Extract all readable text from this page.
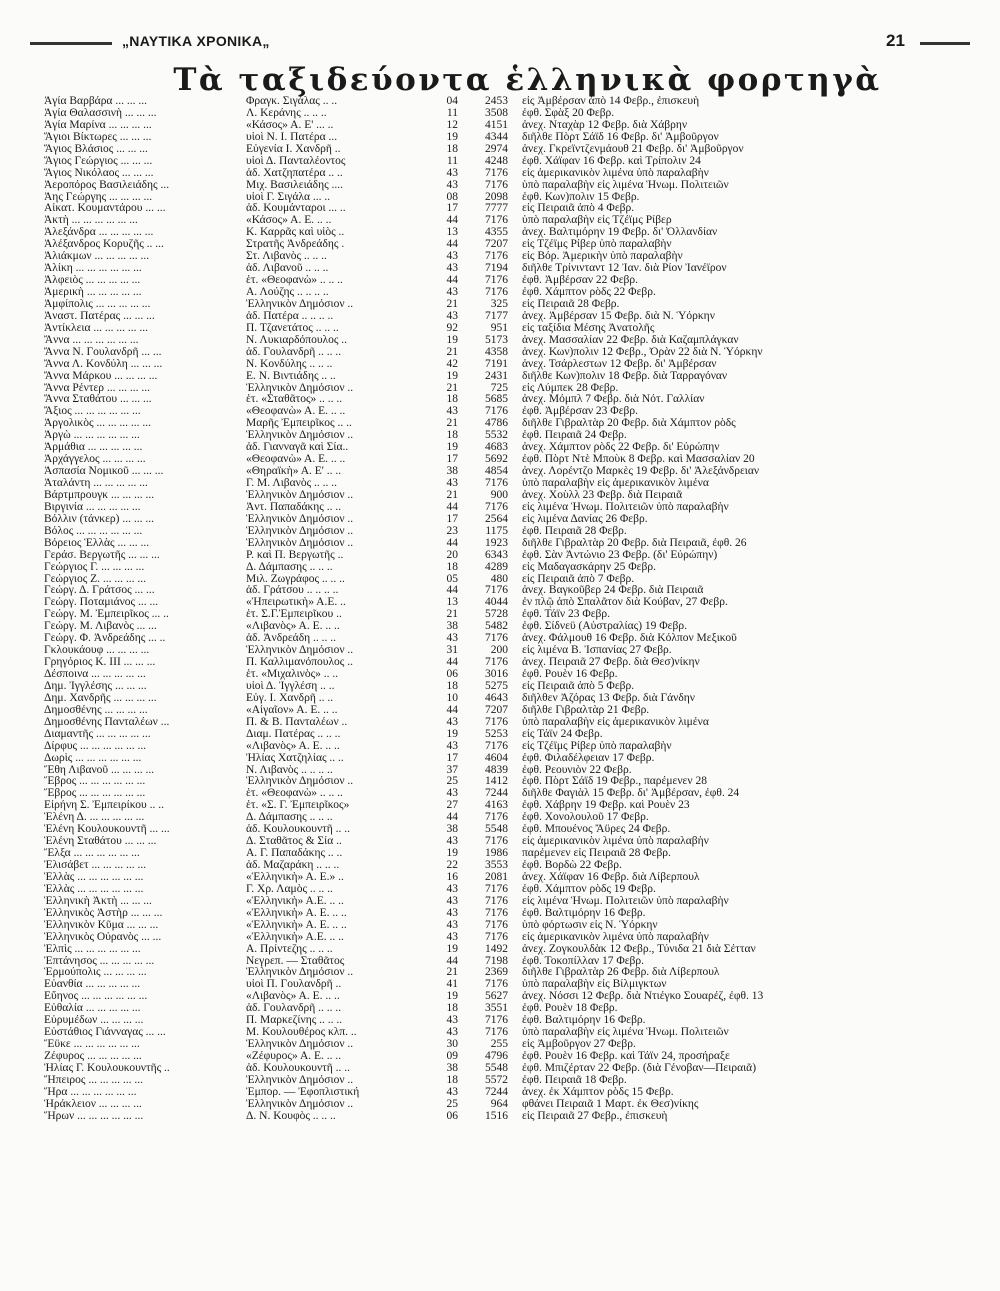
„ΝΑΥΤΙΚΑ ΧΡΟΝΙΚΑ„	21
Τὰ ταξιδεύοντα ἑλληνικὰ φορτηγὰ
Ἁγία Βαρβάρα ... ... ...	Φραγκ. Σιγάλας .. ..	04	2453 εἰς Ἀμβέρσαν ἀπὸ 14 Φεβρ., ἐπισκευὴ
Ἁγία Θαλασσινὴ ... ... ...	Λ. Κεράνης .. .. ..	11	3508 ἐφθ. Σφὰξ 20 Φεβρ.
Ἁγία Μαρίνα ... ... ... ...	«Κάσος» Α. Ε' ... ..	12	4151 ἀνεχ. Νταχὰρ 12 Φεβρ. διὰ Χάβρην
Ἅγιοι Βίκτωρες ... ... ...	υἱοὶ Ν. Ι. Πατέρα ...	19	4344 διῆλθε Πὸρτ Σάϊδ 16 Φεβρ. δι' Ἀμβοῦργον
Ἅγιος Βλάσιος ... ... ...	Εὐγενία Ι. Χανδρῆ ..	18	2974 ἀνεχ. Γκρεϊντζενμάουθ 21 Φεβρ. δι' Ἀμβοῦργον
Ἅγιος Γεώργιος ... ... ...	υἱοὶ Δ. Πανταλέοντος	11	4248 ἐφθ. Χάϊφαν 16 Φεβρ. καὶ Τρίπολιν 24
Ἅγιος Νικόλαος ... ... ...	ἀδ. Χατζηπατέρα .. ..	43	7176 εἰς ἀμερικανικὸν λιμένα ὑπὸ παραλαβὴν
Ἀεροπόρος Βασιλειάδης ...	Μιχ. Βασιλειάδης ....	43	7176 ὑπὸ παραλαβὴν εἰς λιμένα Ἡνωμ. Πολιτειῶν
Ἀης Γεώργης ... ... ... ...	υἱοὶ Γ. Σιγάλα ... ..	08	2098 ἐφθ. Κων)πολιν 15 Φεβρ.
Αἰκατ. Κουμαντάρου ... ...	ἀδ. Κουμάνταροι ... ..	17	7777 εἰς Πειραιᾶ ἀπὸ 4 Φεβρ.
Ἀκτὴ ... ... ... ... ... ...	«Κάσος» Α. Ε. .. ..	44	7176 ὑπὸ παραλαβὴν εἰς Τζέϊμς Ρίβερ
Ἀλεξάνδρα ... ... ... ... ...	Κ. Καρρᾶς καὶ υἱὸς ..	13	4355 ἀνεχ. Βαλτιμόρην 19 Φεβρ. δι' Ὀλλανδίαν
Ἀλέξανδρος Κορυζῆς .. ...	Στρατῆς Ἀνδρεάδης .	44	7207 εἰς Τζέϊμς Ρίβερ ὑπὸ παραλαβὴν
Ἀλιάκμων ... ... ... ... ...	Στ. Λιβανὸς .. .. ..	43	7176 εἰς Βόρ. Ἀμερικὴν ὑπὸ παραλαβὴν
Ἀλίκη ... ... ... ... ... ...	ἀδ. Λιβανοῦ .. .. ..	43	7194 διῆλθε Τρίνινταντ 12 Ἰαν. διὰ Ρίον Ἰανέϊρον
Ἀλφειὸς ... ... ... ... ...	ἑτ. «Θεοφανὼ» .. .. ..	44	7176 ἐφθ. Ἀμβέρσαν 22 Φεβρ.
Ἀμερικὴ ... ... ... ... ...	Α. Λούζης .. .. .. ..	43	7176 ἐφθ. Χάμπτον ρὸδς 22 Φεβρ.
Ἀμφίπολις ... ... ... ... ...	Ἑλληνικὸν Δημόσιον ..	21	325 εἰς Πειραιᾶ 28 Φεβρ.
Ἀναστ. Πατέρας ... ... ...	ἀδ. Πατέρα .. .. .. ..	43	7177 ἀνεχ. Ἀμβέρσαν 15 Φεβρ. διὰ Ν. Ὑόρκην
Ἀντίκλεια ... ... ... ... ...	Π. Τζανετάτος .. .. ..	92	951 εἰς ταξίδια Μέσης Ἀνατολῆς
Ἄννα ... ... ... ... ... ...	Ν. Λυκιαρδόπουλος ..	19	5173 ἀνεχ. Μασσαλίαν 22 Φεβρ. διὰ Καζαμπλάγκαν
Ἄννα Ν. Γουλανδρῆ ... ...	ἀδ. Γουλανδρῆ .. .. ..	21	4358 ἀνεχ. Κων)πολιν 12 Φεβρ., Ὀρὰν 22 διὰ Ν. Ὑόρκην
Ἄννα Λ. Κονδύλη ... ... ...	Ν. Κονδύλης .. .. ..	42	7191 ἀνεχ. Τσάρλεστων 12 Φεβρ. δι' Ἀμβέρσαν
Ἄννα Μάρκου ... ... ... ...	Ε. Ν. Βιντιάδης .. ..	19	2431 διῆλθε Κων)πολιν 18 Φεβρ. διὰ Ταρραγόναν
Ἄννα Ρέντερ ... ... ... ...	Ἑλληνικὸν Δημόσιον ..	21	725 εἰς Λύμπεκ 28 Φεβρ.
Ἄννα Σταθάτου ... ... ...	ἑτ. «Σταθᾶτος» .. .. ..	18	5685 ἀνεχ. Μόμπλ 7 Φεβρ. διὰ Νότ. Γαλλίαν
Ἄξιος ... ... ... ... ... ...	«Θεοφανὼ» Α. Ε. .. ..	43	7176 ἐφθ. Ἀμβέρσαν 23 Φεβρ.
Ἀργολικὸς ... ... ... ... ...	Μαρῆς Ἐμπειρῖκος .. ..	21	4786 διῆλθε Γιβραλτὰρ 20 Φεβρ. διὰ Χάμπτον ρὸδς
Ἀργὼ ... ... ... ... ... ...	Ἑλληνικὸν Δημόσιον ..	18	5532 ἐφθ. Πειραιᾶ 24 Φεβρ.
Ἀρμάθια ... ... ... ... ...	ἀδ. Γιανναγᾶ καὶ Σία..	19	4683 ἀνεχ. Χάμπτον ρὸδς 22 Φεβρ. δι' Εὐρώπην
Ἀρχάγγελος ... ... ... ...	«Θεοφανὼ» Α. Ε. .. ..	17	5692 ἐφθ. Πὸρτ Ντὲ Μποὺκ 8 Φεβρ. καὶ Μασσαλίαν 20
Ἀσπασία Νομικοῦ ... ... ...	«Θηραϊκὴ» Α. Ε' .. ..	38	4854 ἀνεχ. Λορέντζο Μαρκὲς 19 Φεβρ. δι' Ἀλεξάνδρειαν
Ἀταλάντη ... ... ... ... ...	Γ. Μ. Λιβανὸς .. .. ..	43	7176 ὑπὸ παραλαβὴν εἰς ἀμερικανικὸν λιμένα
Βάρτμπρουγκ ... ... ... ...	Ἑλληνικὸν Δημόσιον ..	21	900 ἀνεχ. Χοὺλλ 23 Φεβρ. διὰ Πειραιᾶ
Βιργινία ... ... ... ... ...	Ἀντ. Παπαδάκης .. ..	44	7176 εἰς λιμένα Ἡνωμ. Πολιτειῶν ὑπὸ παραλαβὴν
Βόλλιν (τάνκερ) ... ... ...	Ἑλληνικὸν Δημόσιον ..	17	2564 εἰς λιμένα Δανίας 26 Φεβρ.
Βόλος ... ... ... ... ... ...	Ἑλληνικὸν Δημόσιον ..	23	1175 ἐφθ. Πειραιᾶ 28 Φεβρ.
Βόρειος Ἑλλὰς ... ... ...	Ἑλληνικὸν Δημόσιον ..	44	1923 διῆλθε Γιβραλτὰρ 20 Φεβρ. διὰ Πειραιᾶ, ἐφθ. 26
Γεράσ. Βεργωτῆς ... ... ...	Ρ. καὶ Π. Βεργωτῆς ..	20	6343 ἐφθ. Σὰν Ἀντώνιο 23 Φεβρ. (δι' Εὐρώπην)
Γεώργιος Γ. ... ... ... ...	Δ. Δάμπασης .. .. ..	18	4289 εἰς Μαδαγασκάρην 25 Φεβρ.
Γεώργιος Ζ. ... ... ... ...	Μιλ. Ζωγράφος .. .. ..	05	480 εἰς Πειραιᾶ ἀπὸ 7 Φεβρ.
Γεώργ. Δ. Γράτσος ... ...	ἀδ. Γράτσου .. .. .. ..	44	7176 ἀνεχ. Βαγκοῦβερ 24 Φεβρ. διὰ Πειραιᾶ
Γεώργ. Ποταμιάνος ... ...	«Ἠπειρωτικὴ» Α.Ε. ..	13	4044 ἐν πλῷ ἀπὸ Σπαλᾶτον διὰ Κούβαν, 27 Φεβρ.
Γεώργ. Μ. Ἐμπειρῖκος ... ..	ἑτ. Σ.Γ.Ἐμπειρῖκου ..	21	5728 ἐφθ. Τάϊν 23 Φεβρ.
Γεώργ. Μ. Λιβανὸς ... ...	«Λιβανὸς» Α. Ε. .. ..	38	5482 ἐφθ. Σίδνεϋ (Αὐστραλίας) 19 Φεβρ.
Γεώργ. Φ. Ἀνδρεάδης ... ..	ἀδ. Ἀνδρεάδη .. .. ..	43	7176 ἀνεχ. Φάλμουθ 16 Φεβρ. διὰ Κόλπον Μεξικοῦ
Γκλουκάουφ ... ... ... ...	Ἑλληνικὸν Δημόσιον ..	31	200 εἰς λιμένα Β. Ἰσπανίας 27 Φεβρ.
Γρηγόριος Κ. ΙΙΙ ... ... ...	Π. Καλλιμανόπουλος ..	44	7176 ἀνεχ. Πειραιᾶ 27 Φεβρ. διὰ Θεσ)νίκην
Δέσποινα ... ... ... ... ...	ἑτ. «Μιχαλινὸς» .. ..	06	3016 ἐφθ. Ρουὲν 16 Φεβρ.
Δημ. Ἰγγλέσης ... ... ...	υἱοὶ Δ. Ἰγγλέση .. ..	18	5275 εἰς Πειραιᾶ ἀπὸ 5 Φεβρ.
Δημ. Χανδρῆς ... ... ... ...	Εὐγ. Ι. Χανδρῆ .. ..	10	4643 διῆλθεν Ἀζόρας 13 Φεβρ. διὰ Γάνδην
Δημοσθένης ... ... ... ...	«Αἰγαῖον» Α. Ε. .. ..	44	7207 διῆλθε Γιβραλτὰρ 21 Φεβρ.
Δημοσθένης Πανταλέων ...	Π. & Β. Πανταλέων ..	43	7176 ὑπὸ παραλαβὴν εἰς ἀμερικανικὸν λιμένα
Διαμαντῆς ... ... ... ... ...	Διαμ. Πατέρας .. .. ..	19	5253 εἰς Τάϊν 24 Φεβρ.
Δίρφυς ... ... ... ... ... ...	«Λιβανὸς» Α. Ε. .. ..	43	7176 εἰς Τζέϊμς Ρίβερ ὑπὸ παραλαβὴν
Δωρὶς ... ... ... ... ... ...	Ἠλίας Χατζηλίας .. ..	17	4604 ἐφθ. Φιλαδέλφειαν 17 Φεβρ.
Ἔθη Λιβανοῦ ... ... ... ...	Ν. Λιβανὸς .. .. .. ..	37	4839 ἐφθ. Ρεουνιὸν 22 Φεβρ.
Ἕβρος ... ... ... ... ... ...	Ἑλληνικὸν Δημόσιον ..	25	1412 ἐφθ. Πὸρτ Σάϊδ 19 Φεβρ., παρέμενεν 28
Ἕβρος ... ... ... ... ... ...	ἑτ. «Θεοφανὼ» .. .. ..	43	7244 διῆλθε Φαγιὰλ 15 Φεβρ. δι' Ἀμβέρσαν, ἐφθ. 24
Εἰρήνη Σ. Ἐμπειρίκου .. ..	ἑτ. «Σ. Γ. Ἐμπειρῖκος»	27	4163 ἐφθ. Χάβρην 19 Φεβρ. καὶ Ρουὲν 23
Ἑλένη Δ. ... ... ... ... ...	Δ. Δάμπασης .. .. ..	44	7176 ἐφθ. Χονολουλοῦ 17 Φεβρ.
Ἑλένη Κουλουκουντῆ ... ...	ἀδ. Κουλουκουντῆ .. ..	38	5548 ἐφθ. Μπουένος Ἄϋρες 24 Φεβρ.
Ἑλένη Σταθάτου ... ... ...	Δ. Σταθᾶτος & Σία ..	43	7176 εἰς ἀμερικανικὸν λιμένα ὑπὸ παραλαβὴν
Ἔλξα ... ... ... ... ... ...	Α. Γ. Παπαδάκης .. ..	19	1986 παρέμενεν εἰς Πειραιᾶ 28 Φεβρ.
Ἐλισάβετ ... ... ... ... ...	ἀδ. Μαζαράκη .. .. ..	22	3553 ἐφθ. Βορδὼ 22 Φεβρ.
Ἑλλὰς ... ... ... ... ... ...	«Ἑλληνικὴ» Α. Ε.» ..	16	2081 ἀνεχ. Χάϊφαν 16 Φεβρ. διὰ Λίβερπουλ
Ἑλλὰς ... ... ... ... ... ...	Γ. Χρ. Λαμὸς .. .. ..	43	7176 ἐφθ. Χάμπτον ρὸδς 19 Φεβρ.
Ἑλληνικὴ Ἀκτὴ ... ... ...	«Ἑλληνικὴ» Α.Ε. .. ..	43	7176 εἰς λιμένα Ἡνωμ. Πολιτειῶν ὑπὸ παραλαβὴν
Ἑλληνικὸς Ἀστὴρ ... ... ...	«Ἑλληνικὴ» Α. Ε. .. ..	43	7176 ἐφθ. Βαλτιμόρην 16 Φεβρ.
Ἑλληνικὸν Κῦμα ... ... ...	«Ἑλληνικὴ» Α. Ε. .. ..	43	7176 ὑπὸ φόρτωσιν εἰς Ν. Ὑόρκην
Ἑλληνικὸς Οὐρανὸς ... ...	«Ἑλληνικὴ» Α.Ε. .. ..	43	7176 εἰς ἀμερικανικὸν λιμένα ὑπὸ παραλαβὴν
Ἐλπὶς ... ... ... ... ... ...	Α. Πρίντεζης .. .. ..	19	1492 ἀνεχ. Ζογκουλδὰκ 12 Φεβρ., Τύνιδα 21 διὰ Σέτταν
Ἐπτάνησος ... ... ... ... ...	Νεγρεπ. — Σταθᾶτος	44	7198 ἐφθ. Τοκοπίλλαν 17 Φεβρ.
Ἑρμούπολις ... ... ... ...	Ἑλληνικὸν Δημόσιον ..	21	2369 διῆλθε Γιβραλτὰρ 26 Φεβρ. διὰ Λίβερπουλ
Εὐανθία ... ... ... ... ...	υἱοὶ Π. Γουλανδρῆ ..	41	7176 ὑπὸ παραλαβὴν εἰς Βίλμιγκτων
Εὔηνος ... ... ... ... ... ...	«Λιβανὸς» Α. Ε. .. ..	19	5627 ἀνεχ. Νόσσι 12 Φεβρ. διὰ Ντιέγκο Σουαρέζ, ἐφθ. 13
Εὐθαλία ... ... ... ... ...	ἀδ. Γουλανδρῆ .. .. ..	18	3551 ἐφθ. Ρουὲν 18 Φεβρ.
Εὐρυμέδων ... ... ... ...	Π. Μαρκεζίνης .. .. ..	43	7176 ἐφθ. Βαλτιμόρην 16 Φεβρ.
Εὐστάθιος Γιάνναγας ... ...	Μ. Κουλουθέρος κλπ. ..	43	7176 ὑπὸ παραλαβὴν εἰς λιμένα Ἡνωμ. Πολιτειῶν
Ἔϋκε ... ... ... ... ... ...	Ἑλληνικὸν Δημόσιον ..	30	255 εἰς Ἀμβοῦργον 27 Φεβρ.
Ζέφυρος ... ... ... ... ...	«Ζέφυρος» Α. Ε. .. ..	09	4796 ἐφθ. Ρουὲν 16 Φεβρ. καὶ Τάϊν 24, προσήραξε
Ἠλίας Γ. Κουλουκουντῆς ..	ἀδ. Κουλουκουντῆ .. ..	38	5548 ἐφθ. Μπιζέρταν 22 Φεβρ. (διὰ Γένοβαν—Πειραιᾶ)
Ἤπειρος ... ... ... ... ...	Ἑλληνικὸν Δημόσιον ..	18	5572 ἐφθ. Πειραιᾶ 18 Φεβρ.
Ἥρα ... ... ... ... ... ...	Ἐμπορ. — Ἐφοπλιστική	43	7244 ἀνεχ. ἐκ Χάμπτον ρὸδς 15 Φεβρ.
Ἡράκλειον ... ... ... ...	Ἑλληνικὸν Δημόσιον ..	25	964 φθάνει Πειραιᾶ 1 Μαρτ. ἐκ Θεσ)νίκης
Ἥρων ... ... ... ... ... ...	Δ. Ν. Κουφὸς .. .. ..	06	1516 εἰς Πειραιᾶ 27 Φεβρ., ἐπισκευὴ
